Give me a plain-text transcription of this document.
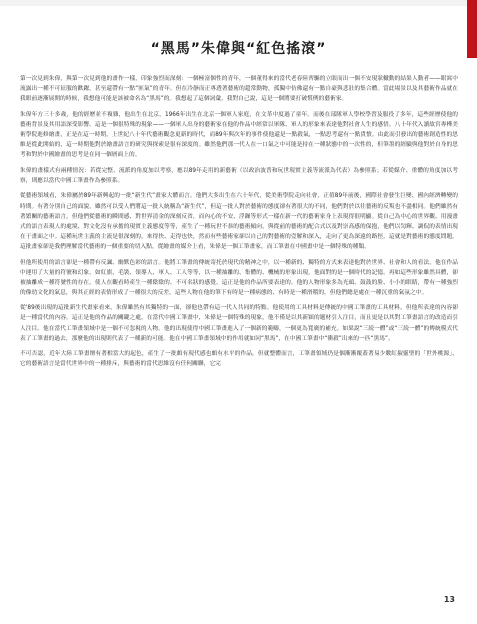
“黑馬”朱偉與“紅色搖滾”

第一次見到朱偉，與第一次見到他的畫作一樣，印象強烈而深刻：一個極富個性的青年，一個董得來的當代老春陸齊驅的立眼而出一個不安現狀轍動的結果人動者——眼窩中流露出一種不可征服的歡躍，甚至還帶有一點“匪氣”的青年。但在冷靜而正專透著藝術的超常動物，孤獨中仿佛還有一點自豪與悲壯的集合體。當此場景以及其藝術作品就在我眼前逐漸展開的時候，我想他可能是該被命名為“黑馬”的。我想起了這個詞彙，我對自己說，這是一個將要打破慣例的藝術家。

朱偉年方三十多歲，他的經歷並不複雜，他出生在北京，1966年出生在北京一個軍人家庭，在文革中度過了童年。而後在部隊軍人學校學習及服役了多年，這些經歷使他的藝術背景及其用語深受影響。這是一個很特殊的現象——一個軍人出身的藝術家在他的作品中經常以軍隊、軍人的形象來表達他對社會人生的感悟。八十年代入讀故宮專樺美術學院進修繪畫，正是在這一時期，上世紀八十年代藝術觀念更新的時代，而89年與次年的事件使他還是一點殺氣，一點思考還有一點貴憤。由此而引發出的藝術創造性的思維是從此開始的，這一時期他對於繪畫語言的研究與探索是很有深度的。雖然他們那一代人在一口氣之中可能是持在一種狀態中的一次性的，但筆墨的經驗與他對於自身的思考和對於中國繪畫的思考是在同一個層面上的。

朱偉的畫樣式有兩種情況：若從完整、流派的角度加以考察，應以89年走用的新藝術（以政治波普和玩世現實主義等流派為代表）為參照系；若從媒介、重體的角度加以考察，則應以當代中國工筆畫作為參照系。

從藝術領域看，朱偉屬於89年新興起的一批“新生代”畫家大體而言。他們大多出生在六十年代，從美術學院走向社會，正值89年前後，國際社會發生巨變、國內經濟轉變的時期。有著分別自己的面貌，雖然可以受人們將這一批人統稱為“新生代”，但這一批人對於藝術的態度卻有著很大的不同，他們對於以往藝術的反叛也不盡相同。他們雖然有著繁關的藝術語言，但他們從藝術的瞬間感、對世界清金的深刻反省，而內心的不安、浮躁等形式一樣在新一代的藝術家身上表現得很明顯。從自己為中心的世界觀、用漫畫式的語言表現人的處境、對文化沒有承擔的現實主義態度等等，產生了一種玩世不恭的藝術傾向，與從前的藝術的配合式以及對崇高感的保抱，他們以訇輝、調侃的表情出現在于畫面之中。這種玩世主義的主流是很深刻的，來得快、走得也快，然而有些藝術家卻以自己的對藝術的壹解和深入，走向了更為深遠的路徑。這就是對藝術的態度問題。這批畫家卻是我們理解當代藝術的一個重要的切入點。從繪畫的媒介上看，朱偉是一個工筆畫家，而工筆畫在中國畫中是一個特殊的種類。

但他所使用的語言卻是一種帶有反諷、幽默色彩的語言。他將工筆畫的傳統寄托於現代的精神之中，以一種新的、獨特的方式來表達他對於世界、社會和人的看法。他在作品中運用了大量的符號和幻象，如紅旗、毛裝、領導人、軍人、工人等等，以一種抽離的、集體的、機械的形象出現。他面對的是一個時代的記憶。再如這些形象雖然具體，卻被抽離成一種符號性的存在，使人在觀看時產生一種陰陰的、不可名狀的感覺。這正是他的作品所要表達的。他的人物形象多為光頭、鼓鼓的脸、小小的眼睛，帶有一種強烈的像幼文化的氣息，與其正經的表情形成了一種很大的反差。這些人物在他的筆下有時是一種病態的、有時是一種滑稽的，但他們總是處在一種沉重的氣氛之中。

從'89後出現的這批新生代畫家看來，朱偉雖然有其獨特的一面，卻他也帶有這一代人共同的特點。他使用的工具材料是傳統的中國工筆畫的工具材料，但他所表達的內容卻是一種當代的內容。這正是他的作品的關鍵之處。在當代中國工筆畫中，朱偉是一個特殊的現象，他不僅是以其新穎的题材引人注目，而且更是以其對工筆畫語言的改造而引人注目。他在當代工筆畫領域中是一個不可忽視的人物。他的出現使得中國工筆畫進入了一個新的範疇，一個更為寬廣的補充。如果說“三続一體”或“三続一體”的傳統模式代表了工筆畫的過去，那麼他的出現則代表了一種新的可能。他在中國工筆畫領域中的作用就如同“黑馬”，在中國工筆畫中“衝殺”出來的一匹“黑馬”。

不可否認，近年大陸工筆畫壇有著相當大的起色，產生了一批頗有現代感也頗有水平的作品，但就整體而言，工筆畫領域仍是個漸漸覆蓋著易少數紅掓靈聖的「世外桃源」，它的藝術語言是當代世界中的一種排斥，與藝術的當代思維沒有任何關聯，它完

13
